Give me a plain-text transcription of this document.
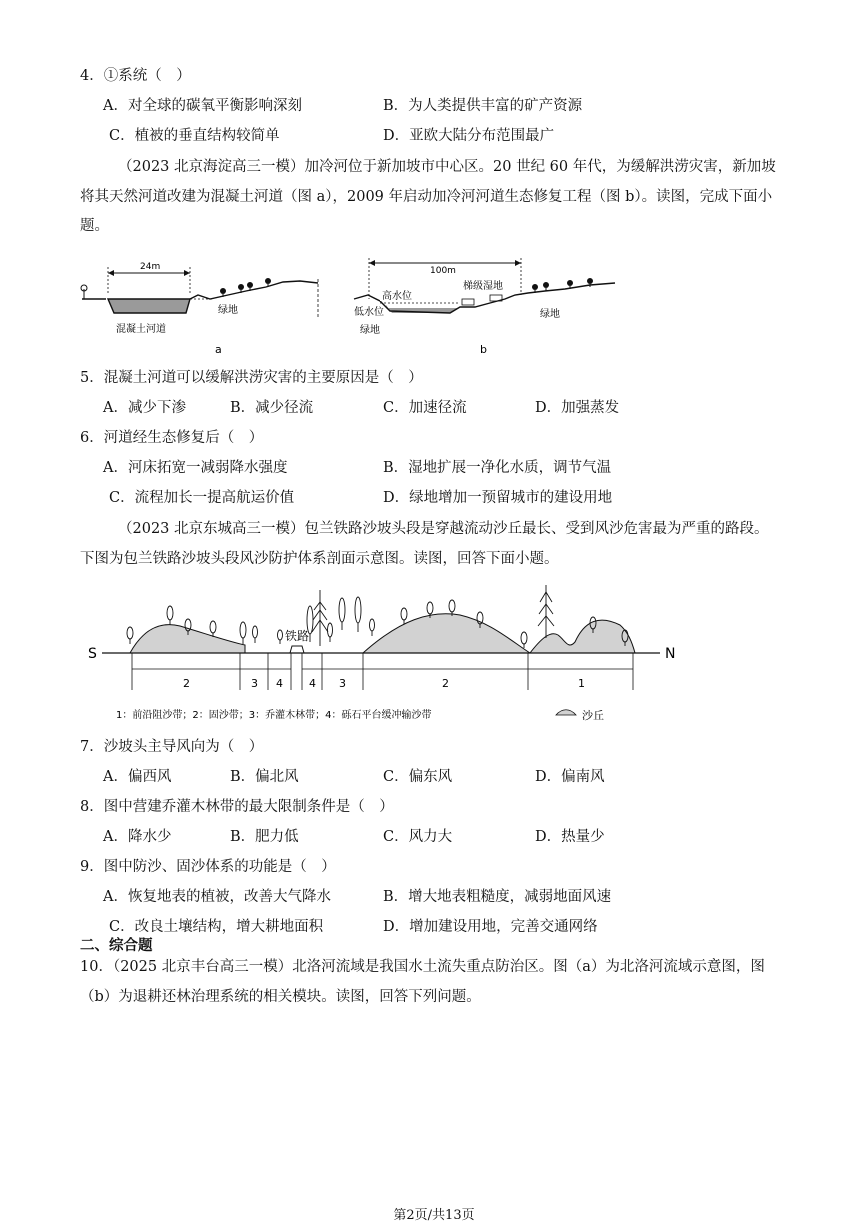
4．①系统（　）
A．对全球的碳氧平衡影响深刻	B．为人类提供丰富的矿产资源
C．植被的垂直结构较简单	D．亚欧大陆分布范围最广
（2023 北京海淀高三一模）加冷河位于新加坡市中心区。20 世纪 60 年代，为缓解洪涝灾害，新加坡
将其天然河道改建为混凝土河道（图 a），2009 年启动加冷河河道生态修复工程（图 b）。读图，完成下面小
题。
24m
混凝土河道
绿地
a
100m
高水位
梯级湿地
低水位
绿地
绿地
b
5．混凝土河道可以缓解洪涝灾害的主要原因是（　）
A．减少下渗	B．减少径流	C．加速径流	D．加强蒸发
6．河道经生态修复后（　）
A．河床拓宽一减弱降水强度	B．湿地扩展一净化水质，调节气温
C．流程加长一提高航运价值	D．绿地增加一预留城市的建设用地
（2023 北京东城高三一模）包兰铁路沙坡头段是穿越流动沙丘最长、受到风沙危害最为严重的路段。
下图为包兰铁路沙坡头段风沙防护体系剖面示意图。读图，回答下面小题。
S	N
铁路
2	3 4 4 3	2	1
1：前沿阻沙带；2：固沙带；3：乔灌木林带；4：砾石平台缓冲输沙带	沙丘
7．沙坡头主导风向为（　）
A．偏西风	B．偏北风	C．偏东风	D．偏南风
8．图中营建乔灌木林带的最大限制条件是（　）
A．降水少	B．肥力低	C．风力大	D．热量少
9．图中防沙、固沙体系的功能是（　）
A．恢复地表的植被，改善大气降水	B．增大地表粗糙度，减弱地面风速
C．改良土壤结构，增大耕地面积	D．增加建设用地，完善交通网络
二、综合题
10．（2025 北京丰台高三一模）北洛河流域是我国水土流失重点防治区。图（a）为北洛河流域示意图，图
（b）为退耕还林治理系统的相关模块。读图，回答下列问题。
第2页/共13页
